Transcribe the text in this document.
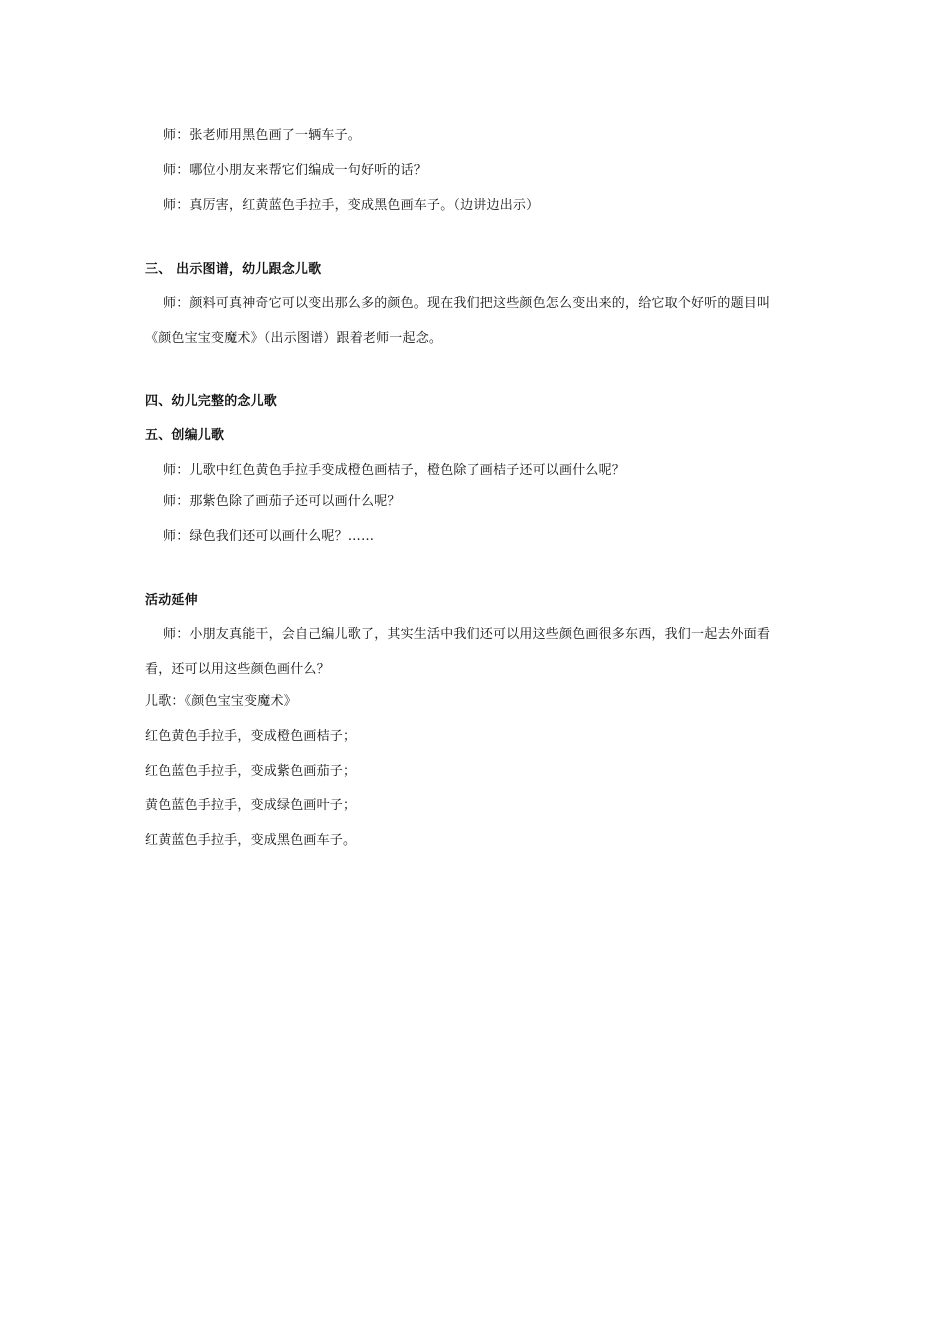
师：张老师用黑色画了一辆车子。
师：哪位小朋友来帮它们编成一句好听的话？
师：真厉害，红黄蓝色手拉手，变成黑色画车子。（边讲边出示）
三、 出示图谱，幼儿跟念儿歌
师：颜料可真神奇它可以变出那么多的颜色。现在我们把这些颜色怎么变出来的，给它取个好听的题目叫
《颜色宝宝变魔术》（出示图谱）跟着老师一起念。
四、幼儿完整的念儿歌
五、创编儿歌
师：儿歌中红色黄色手拉手变成橙色画桔子，橙色除了画桔子还可以画什么呢？
师：那紫色除了画茄子还可以画什么呢？
师：绿色我们还可以画什么呢？……
活动延伸
师：小朋友真能干，会自己编儿歌了，其实生活中我们还可以用这些颜色画很多东西，我们一起去外面看
看，还可以用这些颜色画什么？
儿歌：《颜色宝宝变魔术》
红色黄色手拉手，变成橙色画桔子；
红色蓝色手拉手，变成紫色画茄子；
黄色蓝色手拉手，变成绿色画叶子；
红黄蓝色手拉手，变成黑色画车子。
